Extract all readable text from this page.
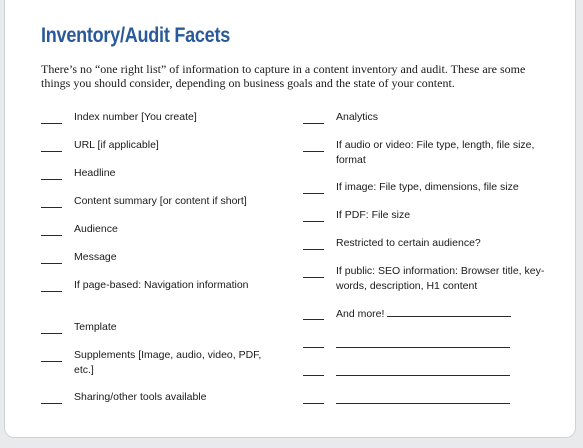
Inventory/Audit Facets
There’s no “one right list” of information to capture in a content inventory and audit. These are some things you should consider, depending on business goals and the state of your content.
Index number [You create]
URL [if applicable]
Headline
Content summary [or content if short]
Audience
Message
If page-based: Navigation information
Template
Supplements [Image, audio, video, PDF, etc.]
Sharing/other tools available
Analytics
If audio or video: File type, length, file size, format
If image: File type, dimensions, file size
If PDF: File size
Restricted to certain audience?
If public: SEO information: Browser title, key-words, description, H1 content
And more!
